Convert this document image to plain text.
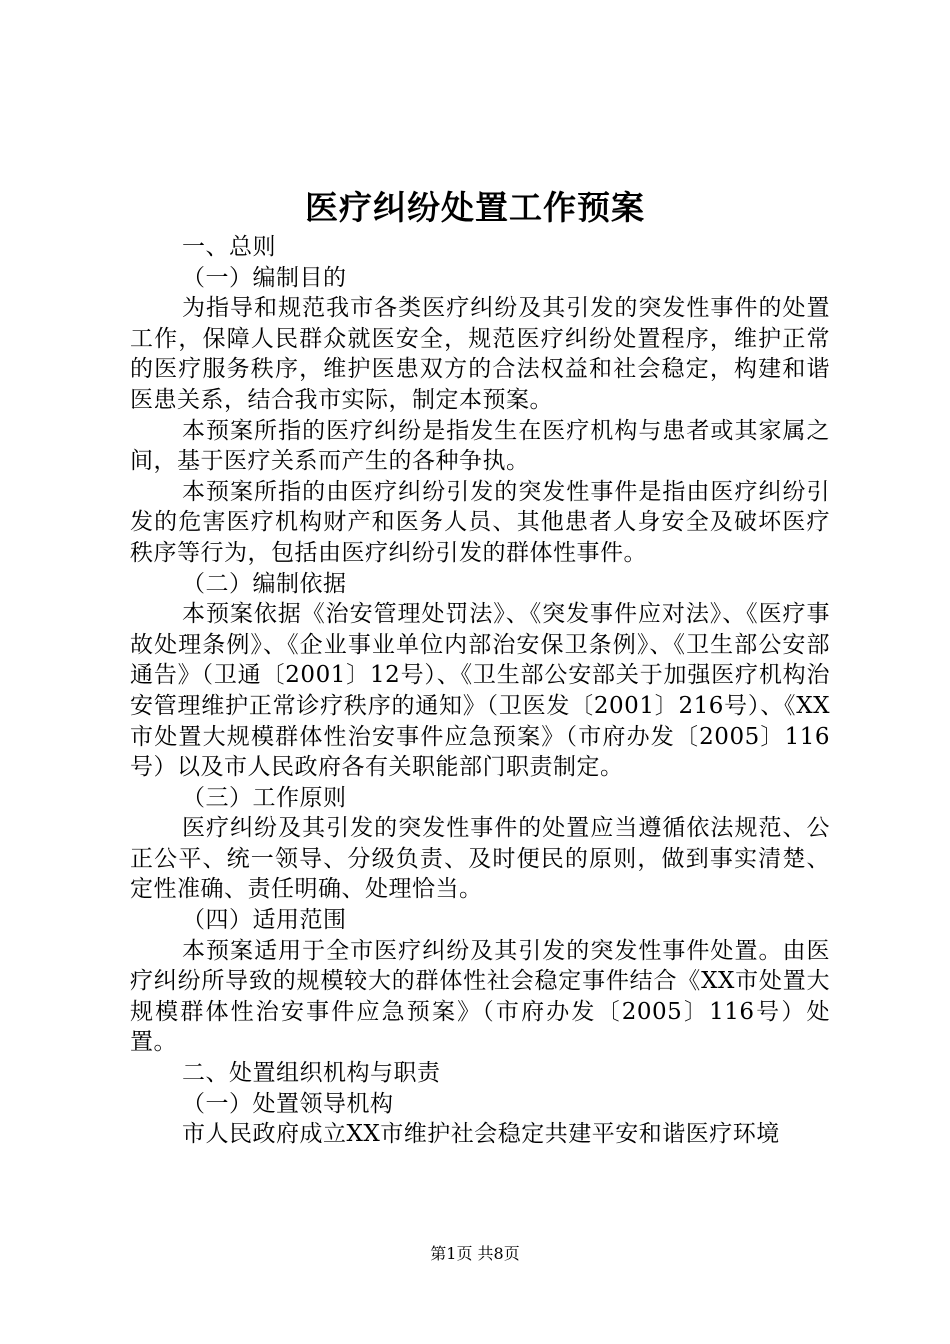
医疗纠纷处置工作预案

一、总则

（一）编制目的

为指导和规范我市各类医疗纠纷及其引发的突发性事件的处置工作，保障人民群众就医安全，规范医疗纠纷处置程序，维护正常的医疗服务秩序，维护医患双方的合法权益和社会稳定，构建和谐医患关系，结合我市实际，制定本预案。

本预案所指的医疗纠纷是指发生在医疗机构与患者或其家属之间，基于医疗关系而产生的各种争执。

本预案所指的由医疗纠纷引发的突发性事件是指由医疗纠纷引发的危害医疗机构财产和医务人员、其他患者人身安全及破坏医疗秩序等行为，包括由医疗纠纷引发的群体性事件。

（二）编制依据

本预案依据《治安管理处罚法》、《突发事件应对法》、《医疗事故处理条例》、《企业事业单位内部治安保卫条例》、《卫生部公安部通告》（卫通〔2001〕12号）、《卫生部公安部关于加强医疗机构治安管理维护正常诊疗秩序的通知》（卫医发〔2001〕216号）、《XX市处置大规模群体性治安事件应急预案》（市府办发〔2005〕116号）以及市人民政府各有关职能部门职责制定。

（三）工作原则

医疗纠纷及其引发的突发性事件的处置应当遵循依法规范、公正公平、统一领导、分级负责、及时便民的原则，做到事实清楚、定性准确、责任明确、处理恰当。

（四）适用范围

本预案适用于全市医疗纠纷及其引发的突发性事件处置。由医疗纠纷所导致的规模较大的群体性社会稳定事件结合《XX市处置大规模群体性治安事件应急预案》（市府办发〔2005〕116号）处置。

二、处置组织机构与职责

（一）处置领导机构

市人民政府成立XX市维护社会稳定共建平安和谐医疗环境

第1页 共8页
